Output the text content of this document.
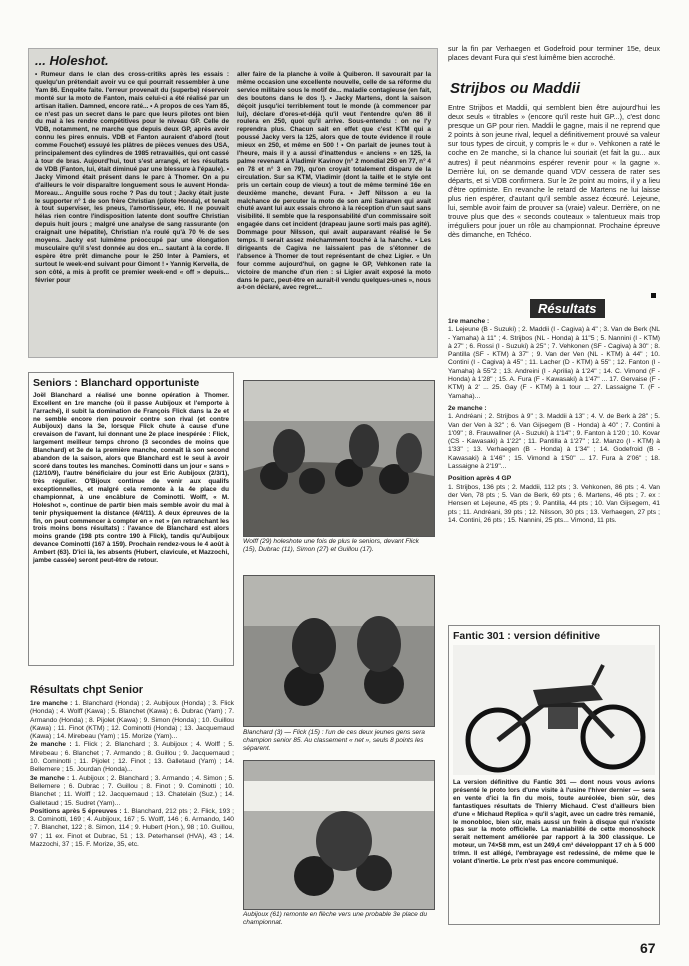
... Holeshot.

• Rumeur dans le clan des cross-critiks après les essais : quelqu'un prétendait avoir vu ce qui pourrait ressembler à une Yam 86. Enquête faite. l'erreur provenait du (superbe) réservoir monté sur la moto de Fanton, mais celui-ci a été réalisé par un artisan italien. Damned, encore raté... • A propos de ces Yam 85, ce n'est pas un secret dans le parc que leurs pilotes ont bien du mal à les rendre compétitives pour le niveau GP. Celle de VDB, notamment, ne marche que depuis deux GP, après avoir connu les pires ennuis. VDB et Fanton auraient d'abord (tout comme Fouchet) essuyé les plâtres de pièces venues des USA, principalement des cylindres de 1985 retravaillés, qui ont cassé à tour de bras. Aujourd'hui, tout s'est arrangé, et les résultats de VDB (Fanton, lui, était diminué par une blessure à l'épaule). • Jacky Vimond était présent dans le parc à Thomer. On a pu d'ailleurs le voir disparaître longuement sous le auvent Honda-Moreau... Anguille sous roche ? Pas du tout ; Jacky était juste le supporter n° 1 de son frère Christian (pilote Honda), et tenait à tout superviser, les pneus, l'amortisseur, etc. Il ne pouvait hélas rien contre l'indisposition latente dont souffre Christian depuis huit jours ; malgré une analyse de sang rassurante (on craignait une hépatite), Christian n'a roulé qu'à 70 % de ses moyens. Jacky est luimême préoccupé par une élongation musculaire qu'il s'est donnée au dos en... sautant à la corde. Il espère être prêt dimanche pour le 250 Inter à Pamiers, et surtout le week-end suivant pour Gimont ! • Yannig Kervella, de son côté, a mis à profit ce premier week-end « off » depuis... février pour

aller faire de la planche à voile à Quiberon. Il savourait par la même occasion une excellente nouvelle, celle de sa réforme du service militaire sous le motif de... maladie contagieuse (en fait, des boutons dans le dos !). • Jacky Martens, dont la saison déçoit jusqu'ici terriblement tout le monde (à commencer par lui), déclare d'ores-et-déjà qu'il veut l'entendre qu'en 86 il roulera en 250, quoi qu'il arrive. Sous-entendu : on ne l'y reprendra plus. Chacun sait en effet que c'est KTM qui a poussé Jacky vers la 125, alors que de toute évidence il roule mieux en 250, et même en 500 ! • On parlait de jeunes tout à l'heure, mais il y a aussi d'inattendus « anciens » en 125, la palme revenant à Vladimir Kavinov (n° 2 mondial 250 en 77, n° 4 en 78 et n° 3 en 79), qu'on croyait totalement disparu de la circulation. Sur sa KTM, Vladimir (dont la taille et le style ont pris un certain coup de vieux) a tout de même terminé 16e en deuxième manche, devant Fura. • Jeff Nilsson a eu la malchance de percuter la moto de son ami Sairanen qui avait chuté avant lui aux essais chrono à la réception d'un saut sans visibilité. Il semble que la responsabilité d'un commissaire soit engagée dans cet incident (drapeau jaune sorti mais pas agité). Dommage pour Nilsson, qui avait auparavant réalisé le 5e temps. Il serait assez méchamment touché à la hanche. • Les dirigeants de Cagiva ne laissaient pas de s'étonner de l'absence à Thomer de tout représentant de chez Ligier. « Un four comme aujourd'hui, on gagne le GP, Vehkonen rate la victoire de manche d'un rien : si Ligier avait exposé la moto dans le parc, peut-être en aurait-il vendu quelques-unes », nous a-t-on déclaré, avec regret...

sur la fin par Verhaegen et Godefroid pour terminer 15e, deux places devant Fura qui s'est luimême bien accroché.

Strijbos ou Maddii

Entre Strijbos et Maddii, qui semblent bien être aujourd'hui les deux seuls « titrables » (encore qu'il reste huit GP...), c'est donc presque un GP pour rien. Maddii le gagne, mais il ne reprend que 2 points à son jeune rival, lequel a définitivement prouvé sa valeur sur tous types de circuit, y compris le « dur ». Vehkonen a raté le coche en 2e manche, si la chance lui souriait (et fait la gu... aux autres) il peut néanmoins espérer revenir pour « la gagne ». Derrière lui, on se demande quand VDV cessera de rater ses départs, et si VDB confirmera. Sur le 2e point au moins, il y a lieu d'être optimiste. En revanche le retard de Martens ne lui laisse plus rien espérer, d'autant qu'il semble assez écœuré. Lejeune, lui, semble avoir faim de prouver sa (vraie) valeur. Derrière, on ne trouve plus que des « seconds couteaux » talentueux mais trop irréguliers pour jouer un rôle au championnat. Prochaine épreuve dès dimanche, en Tchéco.

Résultats

1re manche :
1. Lejeune (B - Suzuki) ; 2. Maddii (I - Cagiva) à 4" ; 3. Van de Berk (NL - Yamaha) à 11" ; 4. Strijbos (NL - Honda) à 11"5 ; 5. Nannini (I - KTM) à 27" ; 6. Rossi (I - Suzuki) à 25" ; 7. Vehkonen (SF - Cagiva) à 30" ; 8. Pantilla (SF - KTM) à 37" ; 9. Van der Ven (NL - KTM) à 44" ; 10. Contini (I - Cagiva) à 45" ; 11. Lacher (D - KTM) à 55" ; 12. Fanton (I - Yamaha) à 55"2 ; 13. Andreini (I - Aprilia) à 1'24" ; 14. C. Vimond (F - Honda) à 1'28" ; 15. A. Fura (F - Kawasaki) à 1'47" ... 17. Gervaise (F - KTM) à 2' ... 25. Gay (F - KTM) à 1 tour ... 27. Lassaigne T. (F - Yamaha)...

2e manche :
1. Andréani ; 2. Strijbos à 9" ; 3. Maddii à 13" ; 4. V. de Berk à 28" ; 5. Van der Ven à 32" ; 6. Van Gijsegem (B - Honda) à 40" ; 7. Contini à 1'09" ; 8. Frauwallner (A - Suzuki) à 1'14" ; 9. Fanton à 1'20 ; 10. Kovar (CS - Kawasaki) à 1'22" ; 11. Pantilla à 1'27" ; 12. Manzo (I - KTM) à 1'33" ; 13. Verhaegen (B - Honda) à 1'34" ; 14. Godefroid (B - Kawasaki) à 1'46" ; 15. Vimond à 1'50" ... 17. Fura à 2'06" ; 18. Lassaigne à 2'19"...

Position après 4 GP
1. Strijbos, 136 pts ; 2. Maddii, 112 pts ; 3. Vehkonen, 86 pts ; 4. Van der Ven, 78 pts ; 5. Van de Berk, 69 pts ; 6. Martens, 46 pts ; 7. ex : Hensen et Lejeune, 45 pts ; 9. Pantilla, 44 pts ; 10. Van Gijsegem, 41 pts ; 11. Andréani, 39 pts ; 12. Nilsson, 30 pts ; 13. Verhaegen, 27 pts ; 14. Contini, 26 pts ; 15. Nannini, 25 pts... Vimond, 11 pts.

Seniors : Blanchard opportuniste

Joël Blanchard a réalisé une bonne opération à Thomer. Excellent en 1re manche (où il passe Aubijoux et l'emporte à l'arraché), il subit la domination de François Flick dans la 2e et ne semble encore rien pouvoir contre son rival (et contre Aubijoux) dans la 3e, lorsque Flick chute à cause d'une crevaison de l'avant, lui donnant une 2e place inespérée : Flick, largement meilleur temps chrono (3 secondes de moins que Blanchard) et 3e de la première manche, connaît là son second abandon de la saison, alors que Blanchard est le seul à avoir scoré dans toutes les manches. Cominotti dans un jour « sans » (12/10/9), l'autre bénéficiaire du jour est Eric Aubijoux (2/3/1), très régulier. O'Bijoux continue de venir aux qualifs exceptionnelles, et malgré cela remonte à la 4e place du championnat, à une encâblure de Cominotti. Wolff, « M. Holeshot », continue de partir bien mais semble avoir du mal à tenir physiquement la distance (4/4/11). A deux épreuves de la fin, on peut commencer à compter en « net » (en retranchant les trois moins bons résultats) : l'avance de Blanchard est alors moins grande (198 pts contre 190 à Flick), tandis qu'Aubijoux devance Cominotti (167 à 159). Prochain rendez-vous le 4 août à Ambert (63). D'ici là, les absents (Hubert, clavicule, et Mazzochi, jambe cassée) seront peut-être de retour.

Résultats chpt Senior

1re manche : 1. Blanchard (Honda) ; 2. Aubijoux (Honda) ; 3. Flick (Honda) ; 4. Wolff (Kawa) ; 5. Blanchet (Kawa) ; 6. Dubrac (Yam) ; 7. Armando (Honda) ; 8. Pijolet (Kawa) ; 9. Simon (Honda) ; 10. Guillou (Kawa) ; 11. Finot (KTM) ; 12. Cominotti (Honda) ; 13. Jacquemaud (Kawa) ; 14. Mirebeau (Yam) ; 15. Morize (Yam)...
2e manche : 1. Flick ; 2. Blanchard ; 3. Aubijoux ; 4. Wolff ; 5. Mirebeau ; 6. Blanchet ; 7. Armando ; 8. Guillou ; 9. Jacquemaud ; 10. Cominotti ; 11. Pijolet ; 12. Finot ; 13. Galletaud (Yam) ; 14. Bellemere ; 15. Jourdan (Honda)...
3e manche : 1. Aubijoux ; 2. Blanchard ; 3. Armando ; 4. Simon ; 5. Bellemere ; 6. Dubrac ; 7. Guillou ; 8. Finot ; 9. Cominotti ; 10. Blanchet ; 11. Wolff ; 12. Jacquemaud ; 13. Chatelain (Suz.) ; 14. Galletaud ; 15. Sudret (Yam)...
Positions après 5 épreuves : 1. Blanchard, 212 pts ; 2. Flick, 193 ; 3. Cominotti, 169 ; 4. Aubijoux, 167 ; 5. Wolff, 146 ; 6. Armando, 140 ; 7. Blanchet, 122 ; 8. Simon, 114 ; 9. Hubert (Hon.), 98 ; 10. Guillou, 97 ; 11 ex. Finot et Dubrac, 51 ; 13. Peterhansel (HVA), 43 ; 14. Mazzochi, 37 ; 15. F. Morize, 35, etc.

Wolff (29) holeshote une fois de plus le seniors, devant Flick (15), Dubrac (11), Simon (27) et Guillou (17).

Blanchard (3) — Flick (15) : l'un de ces deux jeunes gens sera champion senior 85. Au classement « net », seuls 8 points les séparent.

Aubijoux (61) remonte en flèche vers une probable 3e place du championnat.

Fantic 301 : version définitive

La version définitive du Fantic 301 — dont nous vous avions présenté le proto lors d'une visite à l'usine l'hiver dernier — sera en vente d'ici la fin du mois, toute auréolée, bien sûr, des fantastiques résultats de Thierry Michaud. C'est d'ailleurs bien d'une « Michaud Replica » qu'il s'agit, avec un cadre très remanié, le monobloc, bien sûr, mais aussi un frein à disque qui n'existe pas sur la moto officielle. La maniabilité de cette monoshock serait nettement améliorée par rapport à la 300 classique. Le moteur, un 74×58 mm, est un 249,4 cm³ développant 17 ch à 5 000 tr/mn. Il est allégé, l'embrayage est redessiné, de même que le volant d'inertie. Le prix n'est pas encore communiqué.

67
